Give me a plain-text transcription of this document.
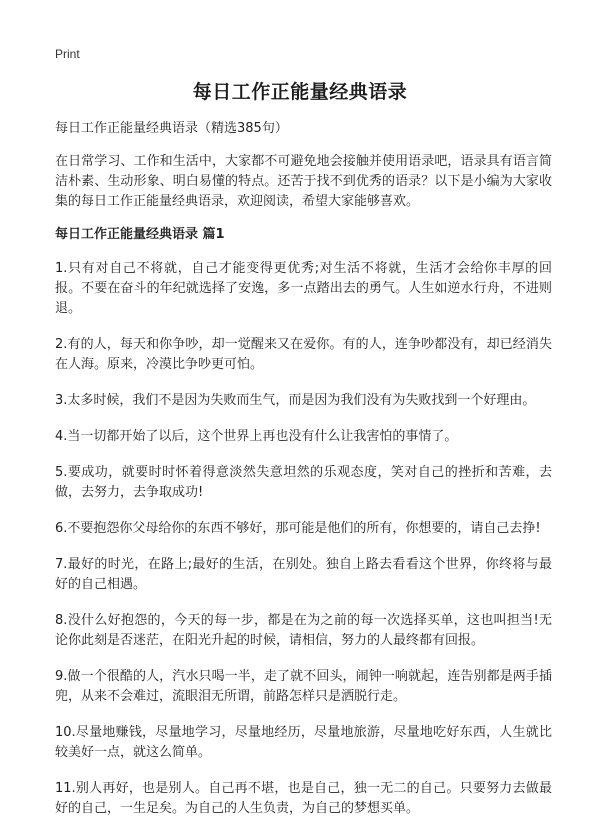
Print
每日工作正能量经典语录

每日工作正能量经典语录（精选385句）

在日常学习、工作和生活中，大家都不可避免地会接触并使用语录吧，语录具有语言简洁朴素、生动形象、明白易懂的特点。还苦于找不到优秀的语录？以下是小编为大家收集的每日工作正能量经典语录，欢迎阅读，希望大家能够喜欢。

每日工作正能量经典语录 篇1

1.只有对自己不将就，自己才能变得更优秀;对生活不将就，生活才会给你丰厚的回报。不要在奋斗的年纪就选择了安逸，多一点踏出去的勇气。人生如逆水行舟，不进则退。

2.有的人，每天和你争吵，却一觉醒来又在爱你。有的人，连争吵都没有，却已经消失在人海。原来，冷漠比争吵更可怕。

3.太多时候，我们不是因为失败而生气，而是因为我们没有为失败找到一个好理由。

4.当一切都开始了以后，这个世界上再也没有什么让我害怕的事情了。

5.要成功，就要时时怀着得意淡然失意坦然的乐观态度，笑对自己的挫折和苦难，去做，去努力，去争取成功!

6.不要抱怨你父母给你的东西不够好，那可能是他们的所有，你想要的，请自己去挣!

7.最好的时光，在路上;最好的生活，在别处。独自上路去看看这个世界，你终将与最好的自己相遇。

8.没什么好抱怨的，今天的每一步，都是在为之前的每一次选择买单，这也叫担当!无论你此刻是否迷茫，在阳光升起的时候，请相信，努力的人最终都有回报。

9.做一个很酷的人，汽水只喝一半，走了就不回头，闹钟一响就起，连告别都是两手插兜，从来不会难过，流眼泪无所谓，前路怎样只是洒脱行走。

10.尽量地赚钱，尽量地学习，尽量地经历，尽量地旅游，尽量地吃好东西，人生就比较美好一点，就这么简单。

11.别人再好，也是别人。自己再不堪，也是自己，独一无二的自己。只要努力去做最好的自己，一生足矣。为自己的人生负责，为自己的梦想买单。
